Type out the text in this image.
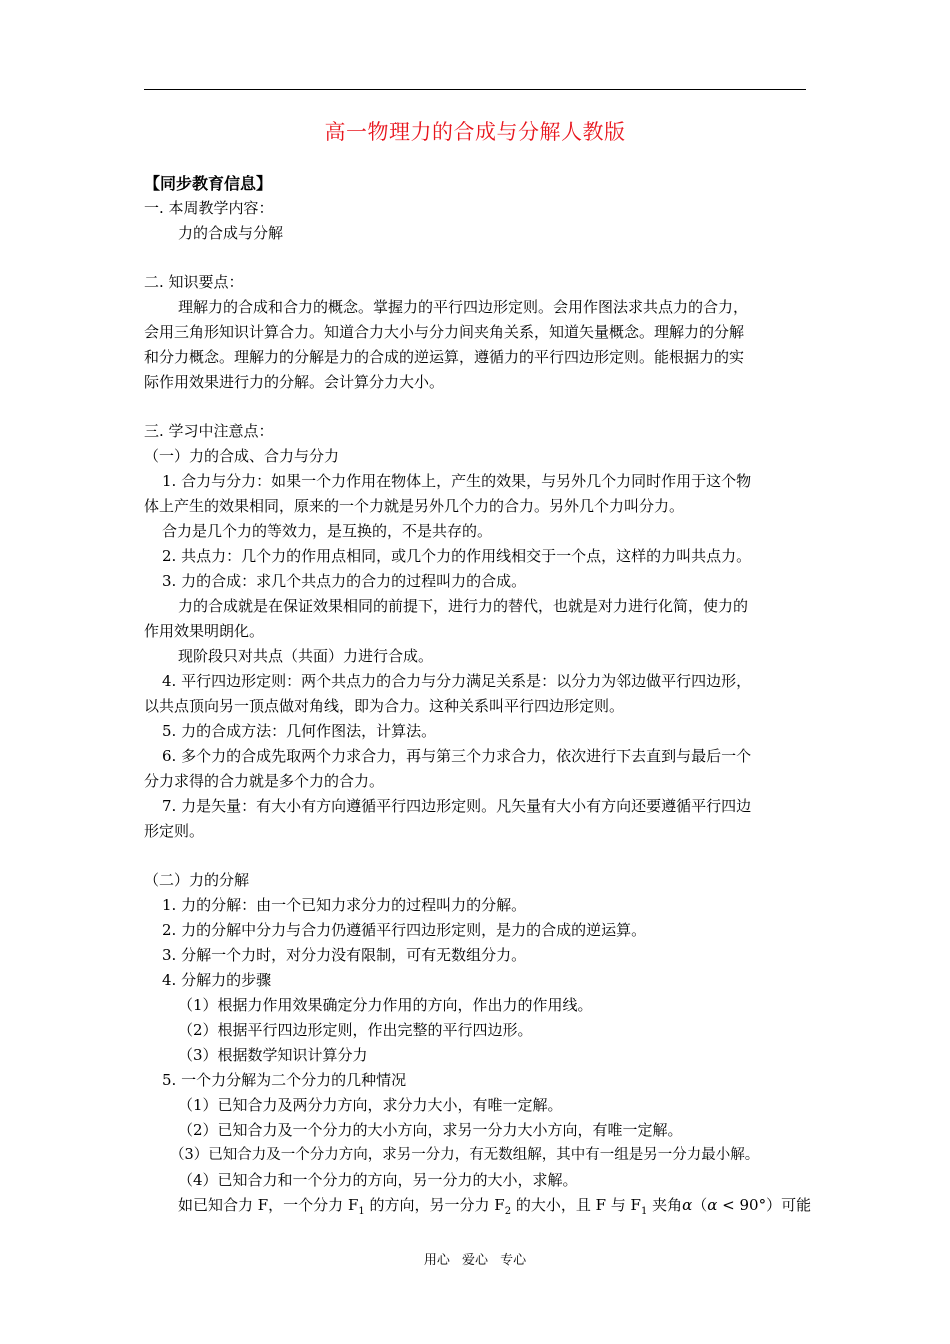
高一物理力的合成与分解人教版
【同步教育信息】
一. 本周教学内容：
力的合成与分解
二. 知识要点：
理解力的合成和合力的概念。掌握力的平行四边形定则。会用作图法求共点力的合力，
会用三角形知识计算合力。知道合力大小与分力间夹角关系，知道矢量概念。理解力的分解
和分力概念。理解力的分解是力的合成的逆运算，遵循力的平行四边形定则。能根据力的实
际作用效果进行力的分解。会计算分力大小。
三. 学习中注意点：
（一）力的合成、合力与分力
1. 合力与分力：如果一个力作用在物体上，产生的效果，与另外几个力同时作用于这个物
体上产生的效果相同，原来的一个力就是另外几个力的合力。另外几个力叫分力。
合力是几个力的等效力，是互换的，不是共存的。
2. 共点力：几个力的作用点相同，或几个力的作用线相交于一个点，这样的力叫共点力。
3. 力的合成：求几个共点力的合力的过程叫力的合成。
力的合成就是在保证效果相同的前提下，进行力的替代，也就是对力进行化简，使力的
作用效果明朗化。
现阶段只对共点（共面）力进行合成。
4. 平行四边形定则：两个共点力的合力与分力满足关系是：以分力为邻边做平行四边形，
以共点顶向另一顶点做对角线，即为合力。这种关系叫平行四边形定则。
5. 力的合成方法：几何作图法，计算法。
6. 多个力的合成先取两个力求合力，再与第三个力求合力，依次进行下去直到与最后一个
分力求得的合力就是多个力的合力。
7. 力是矢量：有大小有方向遵循平行四边形定则。凡矢量有大小有方向还要遵循平行四边
形定则。
（二）力的分解
1. 力的分解：由一个已知力求分力的过程叫力的分解。
2. 力的分解中分力与合力仍遵循平行四边形定则，是力的合成的逆运算。
3. 分解一个力时，对分力没有限制，可有无数组分力。
4. 分解力的步骤
（1）根据力作用效果确定分力作用的方向，作出力的作用线。
（2）根据平行四边形定则，作出完整的平行四边形。
（3）根据数学知识计算分力
5. 一个力分解为二个分力的几种情况
（1）已知合力及两分力方向，求分力大小，有唯一定解。
（2）已知合力及一个分力的大小方向，求另一分力大小方向，有唯一定解。
（3）已知合力及一个分力方向，求另一分力，有无数组解，其中有一组是另一分力最小解。
（4）已知合力和一个分力的方向，另一分力的大小，求解。
如已知合力 F，一个分力 $F_1$ 的方向，另一分力 $F_2$ 的大小，且 F 与 $F_1$ 夹角α（α < 90°）可能
用心 爱心 专心
